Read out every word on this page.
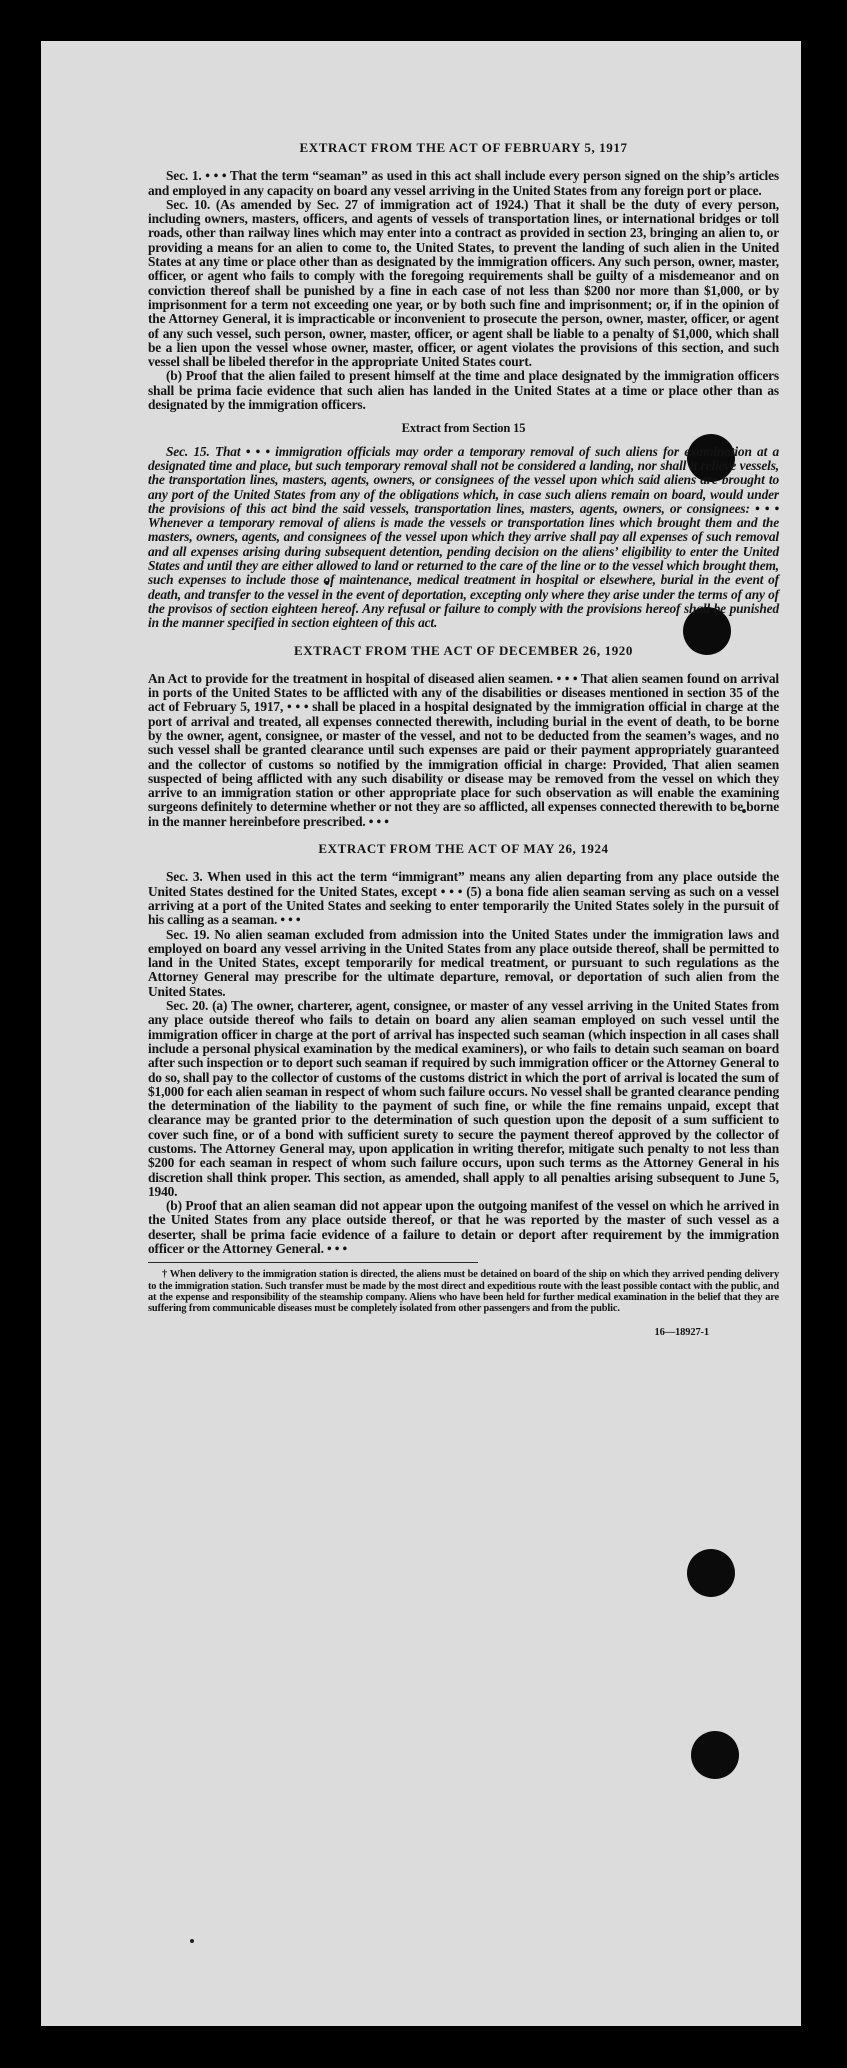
EXTRACT FROM THE ACT OF FEBRUARY 5, 1917

Sec. 1. • • • That the term “seaman” as used in this act shall include every person signed on the ship’s articles and employed in any capacity on board any vessel arriving in the United States from any foreign port or place.

Sec. 10. (As amended by Sec. 27 of immigration act of 1924.) That it shall be the duty of every person, including owners, masters, officers, and agents of vessels of transportation lines, or international bridges or toll roads, other than railway lines which may enter into a contract as provided in section 23, bringing an alien to, or providing a means for an alien to come to, the United States, to prevent the landing of such alien in the United States at any time or place other than as designated by the immigration officers. Any such person, owner, master, officer, or agent who fails to comply with the foregoing requirements shall be guilty of a misdemeanor and on conviction thereof shall be punished by a fine in each case of not less than $200 nor more than $1,000, or by imprisonment for a term not exceeding one year, or by both such fine and imprisonment; or, if in the opinion of the Attorney General, it is impracticable or inconvenient to prosecute the person, owner, master, officer, or agent of any such vessel, such person, owner, master, officer, or agent shall be liable to a penalty of $1,000, which shall be a lien upon the vessel whose owner, master, officer, or agent violates the provisions of this section, and such vessel shall be libeled therefor in the appropriate United States court.

(b) Proof that the alien failed to present himself at the time and place designated by the immigration officers shall be prima facie evidence that such alien has landed in the United States at a time or place other than as designated by the immigration officers.

Extract from Section 15

Sec. 15. That • • • immigration officials may order a temporary removal of such aliens for examination at a designated time and place, but such temporary removal shall not be considered a landing, nor shall it relieve vessels, the transportation lines, masters, agents, owners, or consignees of the vessel upon which said aliens are brought to any port of the United States from any of the obligations which, in case such aliens remain on board, would under the provisions of this act bind the said vessels, transportation lines, masters, agents, owners, or consignees: • • • Whenever a temporary removal of aliens is made the vessels or transportation lines which brought them and the masters, owners, agents, and consignees of the vessel upon which they arrive shall pay all expenses of such removal and all expenses arising during subsequent detention, pending decision on the aliens’ eligibility to enter the United States and until they are either allowed to land or returned to the care of the line or to the vessel which brought them, such expenses to include those of maintenance, medical treatment in hospital or elsewhere, burial in the event of death, and transfer to the vessel in the event of deportation, excepting only where they arise under the terms of any of the provisos of section eighteen hereof. Any refusal or failure to comply with the provisions hereof shall be punished in the manner specified in section eighteen of this act.

EXTRACT FROM THE ACT OF DECEMBER 26, 1920

An Act to provide for the treatment in hospital of diseased alien seamen. • • • That alien seamen found on arrival in ports of the United States to be afflicted with any of the disabilities or diseases mentioned in section 35 of the act of February 5, 1917, • • • shall be placed in a hospital designated by the immigration official in charge at the port of arrival and treated, all expenses connected therewith, including burial in the event of death, to be borne by the owner, agent, consignee, or master of the vessel, and not to be deducted from the seamen’s wages, and no such vessel shall be granted clearance until such expenses are paid or their payment appropriately guaranteed and the collector of customs so notified by the immigration official in charge: Provided, That alien seamen suspected of being afflicted with any such disability or disease may be removed from the vessel on which they arrive to an immigration station or other appropriate place for such observation as will enable the examining surgeons definitely to determine whether or not they are so afflicted, all expenses connected therewith to be borne in the manner hereinbefore prescribed. • • •

EXTRACT FROM THE ACT OF MAY 26, 1924

Sec. 3. When used in this act the term “immigrant” means any alien departing from any place outside the United States destined for the United States, except • • • (5) a bona fide alien seaman serving as such on a vessel arriving at a port of the United States and seeking to enter temporarily the United States solely in the pursuit of his calling as a seaman. • • •

Sec. 19. No alien seaman excluded from admission into the United States under the immigration laws and employed on board any vessel arriving in the United States from any place outside thereof, shall be permitted to land in the United States, except temporarily for medical treatment, or pursuant to such regulations as the Attorney General may prescribe for the ultimate departure, removal, or deportation of such alien from the United States.

Sec. 20. (a) The owner, charterer, agent, consignee, or master of any vessel arriving in the United States from any place outside thereof who fails to detain on board any alien seaman employed on such vessel until the immigration officer in charge at the port of arrival has inspected such seaman (which inspection in all cases shall include a personal physical examination by the medical examiners), or who fails to detain such seaman on board after such inspection or to deport such seaman if required by such immigration officer or the Attorney General to do so, shall pay to the collector of customs of the customs district in which the port of arrival is located the sum of $1,000 for each alien seaman in respect of whom such failure occurs. No vessel shall be granted clearance pending the determination of the liability to the payment of such fine, or while the fine remains unpaid, except that clearance may be granted prior to the determination of such question upon the deposit of a sum sufficient to cover such fine, or of a bond with sufficient surety to secure the payment thereof approved by the collector of customs. The Attorney General may, upon application in writing therefor, mitigate such penalty to not less than $200 for each seaman in respect of whom such failure occurs, upon such terms as the Attorney General in his discretion shall think proper. This section, as amended, shall apply to all penalties arising subsequent to June 5, 1940.

(b) Proof that an alien seaman did not appear upon the outgoing manifest of the vessel on which he arrived in the United States from any place outside thereof, or that he was reported by the master of such vessel as a deserter, shall be prima facie evidence of a failure to detain or deport after requirement by the immigration officer or the Attorney General. • • •

† When delivery to the immigration station is directed, the aliens must be detained on board of the ship on which they arrived pending delivery to the immigration station. Such transfer must be made by the most direct and expeditious route with the least possible contact with the public, and at the expense and responsibility of the steamship company. Aliens who have been held for further medical examination in the belief that they are suffering from communicable diseases must be completely isolated from other passengers and from the public.

16—18927-1
